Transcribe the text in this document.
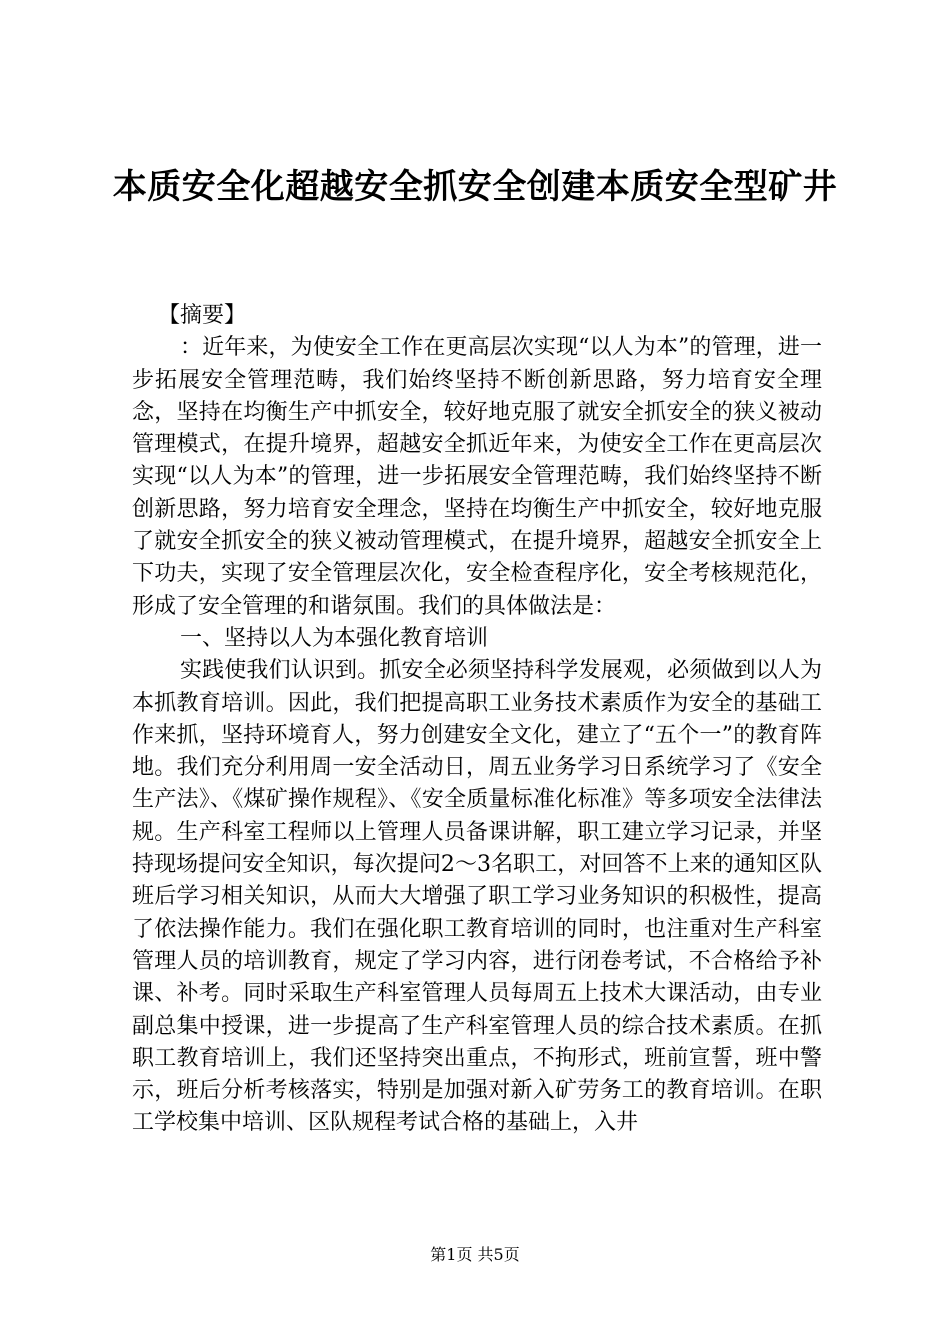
本质安全化超越安全抓安全创建本质安全型矿井

【摘要】

：近年来，为使安全工作在更高层次实现“以人为本”的管理，进一步拓展安全管理范畴，我们始终坚持不断创新思路，努力培育安全理念，坚持在均衡生产中抓安全，较好地克服了就安全抓安全的狭义被动管理模式，在提升境界，超越安全抓近年来，为使安全工作在更高层次实现“以人为本”的管理，进一步拓展安全管理范畴，我们始终坚持不断创新思路，努力培育安全理念，坚持在均衡生产中抓安全，较好地克服了就安全抓安全的狭义被动管理模式，在提升境界，超越安全抓安全上下功夫，实现了安全管理层次化，安全检查程序化，安全考核规范化，形成了安全管理的和谐氛围。我们的具体做法是：

一、坚持以人为本强化教育培训

实践使我们认识到。抓安全必须坚持科学发展观，必须做到以人为本抓教育培训。因此，我们把提高职工业务技术素质作为安全的基础工作来抓，坚持环境育人，努力创建安全文化，建立了“五个一”的教育阵地。我们充分利用周一安全活动日，周五业务学习日系统学习了《安全生产法》、《煤矿操作规程》、《安全质量标准化标准》等多项安全法律法规。生产科室工程师以上管理人员备课讲解，职工建立学习记录，并坚持现场提问安全知识，每次提问2～3名职工，对回答不上来的通知区队班后学习相关知识，从而大大增强了职工学习业务知识的积极性，提高了依法操作能力。我们在强化职工教育培训的同时，也注重对生产科室管理人员的培训教育，规定了学习内容，进行闭卷考试，不合格给予补课、补考。同时采取生产科室管理人员每周五上技术大课活动，由专业副总集中授课，进一步提高了生产科室管理人员的综合技术素质。在抓职工教育培训上，我们还坚持突出重点，不拘形式，班前宣誓，班中警示，班后分析考核落实，特别是加强对新入矿劳务工的教育培训。在职工学校集中培训、区队规程考试合格的基础上，入井

第1页 共5页
